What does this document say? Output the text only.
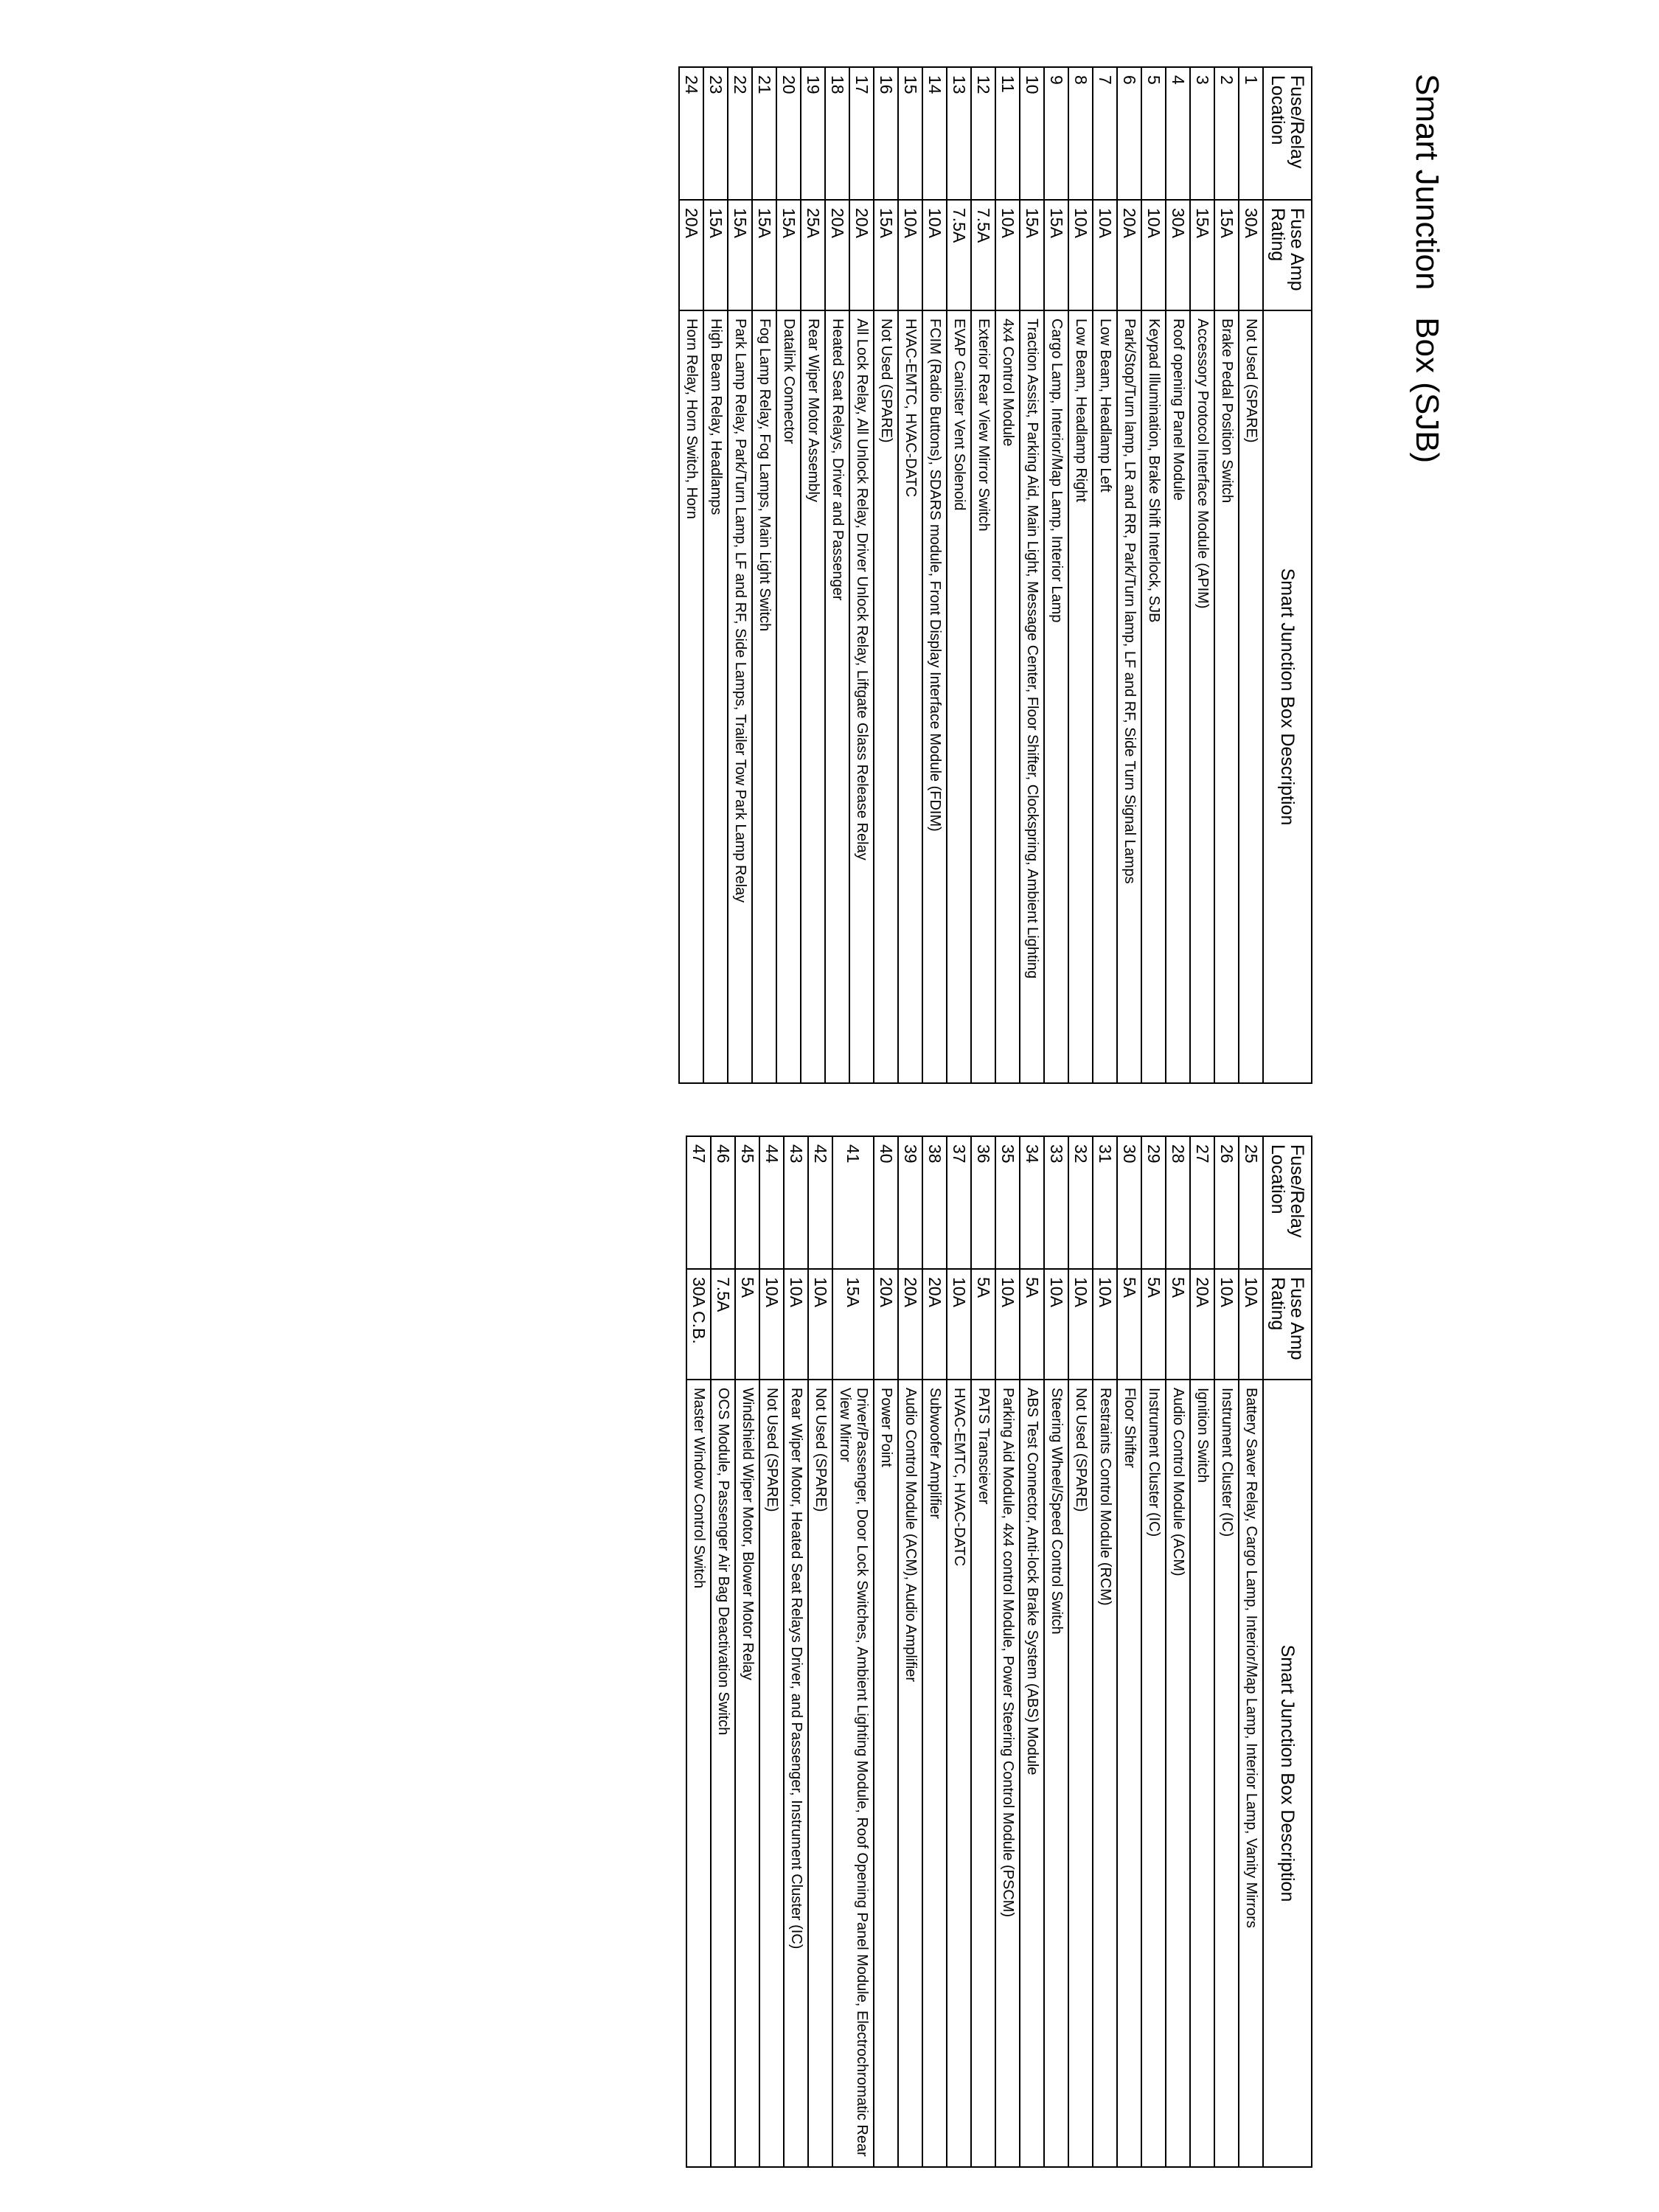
Smart Junction   Box (SJB)
Fuse/Relay Location	Fuse Amp Rating	Smart Junction Box Description
1	30A	Not Used (SPARE)
2	15A	Brake Pedal Position Switch
3	15A	Accessory Protocol Interface Module (APIM)
4	30A	Roof opening Panel Module
5	10A	Keypad Illumination, Brake Shift Interlock, SJB
6	20A	Park/Stop/Turn lamp, LR and RR, Park/Turn lamp, LF and RF, Side Turn Signal Lamps
7	10A	Low Beam, Headlamp Left
8	10A	Low Beam, Headlamp Right
9	15A	Cargo Lamp, Interior/Map Lamp, Interior Lamp
10	15A	Traction Assist, Parking Aid, Main Light, Message Center, Floor Shifter, Clockspring, Ambient Lighting
11	10A	4x4 Control Module
12	7.5A	Exterior Rear View Mirror Switch
13	7.5A	EVAP Canister Vent Solenoid
14	10A	FCIM (Radio Buttons), SDARS module, Front Display Interface Module (FDIM)
15	10A	HVAC-EMTC, HVAC-DATC
16	15A	Not Used (SPARE)
17	20A	All Lock Relay, All Unlock Relay, Driver Unlock Relay, Liftgate Glass Release Relay
18	20A	Heated Seat Relays, Driver and Passenger
19	25A	Rear Wiper Motor Assembly
20	15A	Datalink Connector
21	15A	Fog Lamp Relay, Fog Lamps, Main Light Switch
22	15A	Park Lamp Relay, Park/Turn Lamp, LF and RF, Side Lamps, Trailer Tow Park Lamp Relay
23	15A	High Beam Relay, Headlamps
24	20A	Horn Relay, Horn Switch, Horn
Fuse/Relay Location	Fuse Amp Rating	Smart Junction Box Description
25	10A	Battery Saver Relay, Cargo Lamp, Interior/Map Lamp, Interior Lamp, Vanity Mirrors
26	10A	Instrument Cluster (IC)
27	20A	Ignition Switch
28	5A	Audio Control Module (ACM)
29	5A	Instrument Cluster (IC)
30	5A	Floor Shifter
31	10A	Restraints Control Module (RCM)
32	10A	Not Used (SPARE)
33	10A	Steering Wheel/Speed Control Switch
34	5A	ABS Test Connector, Anti-lock Brake System (ABS) Module
35	10A	Parking Aid Module, 4x4 control Module, Power Steering Control Module (PSCM)
36	5A	PATS Transciever
37	10A	HVAC-EMTC, HVAC-DATC
38	20A	Subwoofer Amplifier
39	20A	Audio Control Module (ACM), Audio Amplifier
40	20A	Power Point
41	15A	Driver/Passenger, Door Lock Switches, Ambient Lighting Module, Roof Opening Panel Module, Electrochromatic Rear View Mirror
42	10A	Not Used (SPARE)
43	10A	Rear Wiper Motor, Heated Seat Relays Driver, and Passenger, Instrument Cluster (IC)
44	10A	Not Used (SPARE)
45	5A	Windshield Wiper Motor, Blower Motor Relay
46	7.5A	OCS Module, Passenger Air Bag Deactivation Switch
47	30A C.B.	Master Window Control Switch
